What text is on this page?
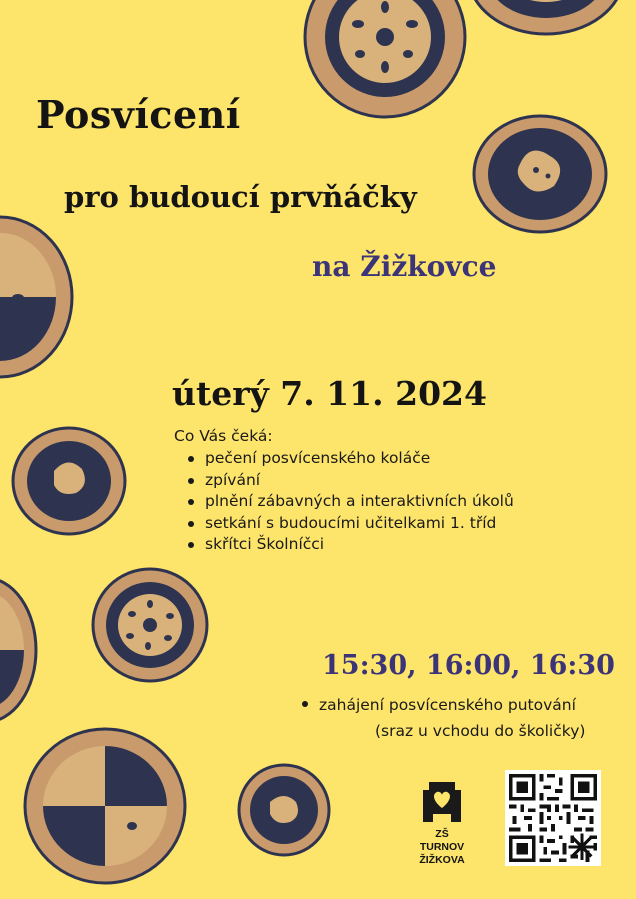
Posvícení
pro budoucí prvňáčky
na Žižkovce
úterý 7. 11. 2024
Co Vás čeká:
pečení posvícenského koláče
zpívání
plnění zábavných a interaktivních úkolů
setkání s budoucími učitelkami 1. tříd
skřítci Školníčci
15:30, 16:00, 16:30
zahájení posvícenského putování
(sraz u vchodu do školičky)
ZŠ TURNOV
ŽIŽKOVA
